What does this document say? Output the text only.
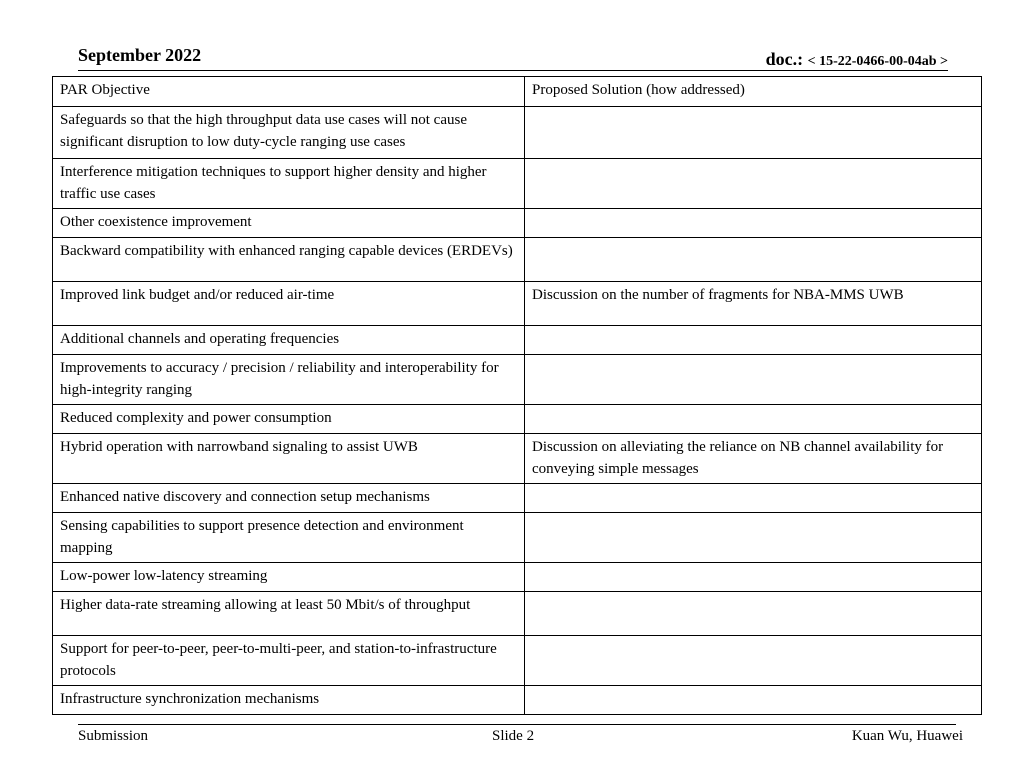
September 2022	doc.: < 15-22-0466-00-04ab >
PAR Objective	Proposed Solution (how addressed)
Safeguards so that the high throughput data use cases will not cause significant disruption to low duty-cycle ranging use cases	
Interference mitigation techniques to support higher density and higher traffic use cases	
Other coexistence improvement	
Backward compatibility with enhanced ranging capable devices (ERDEVs)	
Improved link budget and/or reduced air-time	Discussion on the number of fragments for NBA-MMS UWB
Additional channels and operating frequencies	
Improvements to accuracy / precision / reliability and interoperability for high-integrity ranging	
Reduced complexity and power consumption	
Hybrid operation with narrowband signaling to assist UWB	Discussion on alleviating the reliance on NB channel availability for conveying simple messages
Enhanced native discovery and connection setup mechanisms	
Sensing capabilities to support presence detection and environment mapping	
Low-power low-latency streaming	
Higher data-rate streaming allowing at least 50 Mbit/s of throughput	
Support for peer-to-peer, peer-to-multi-peer, and station-to-infrastructure protocols	
Infrastructure synchronization mechanisms	
Submission	Slide 2	Kuan Wu, Huawei
